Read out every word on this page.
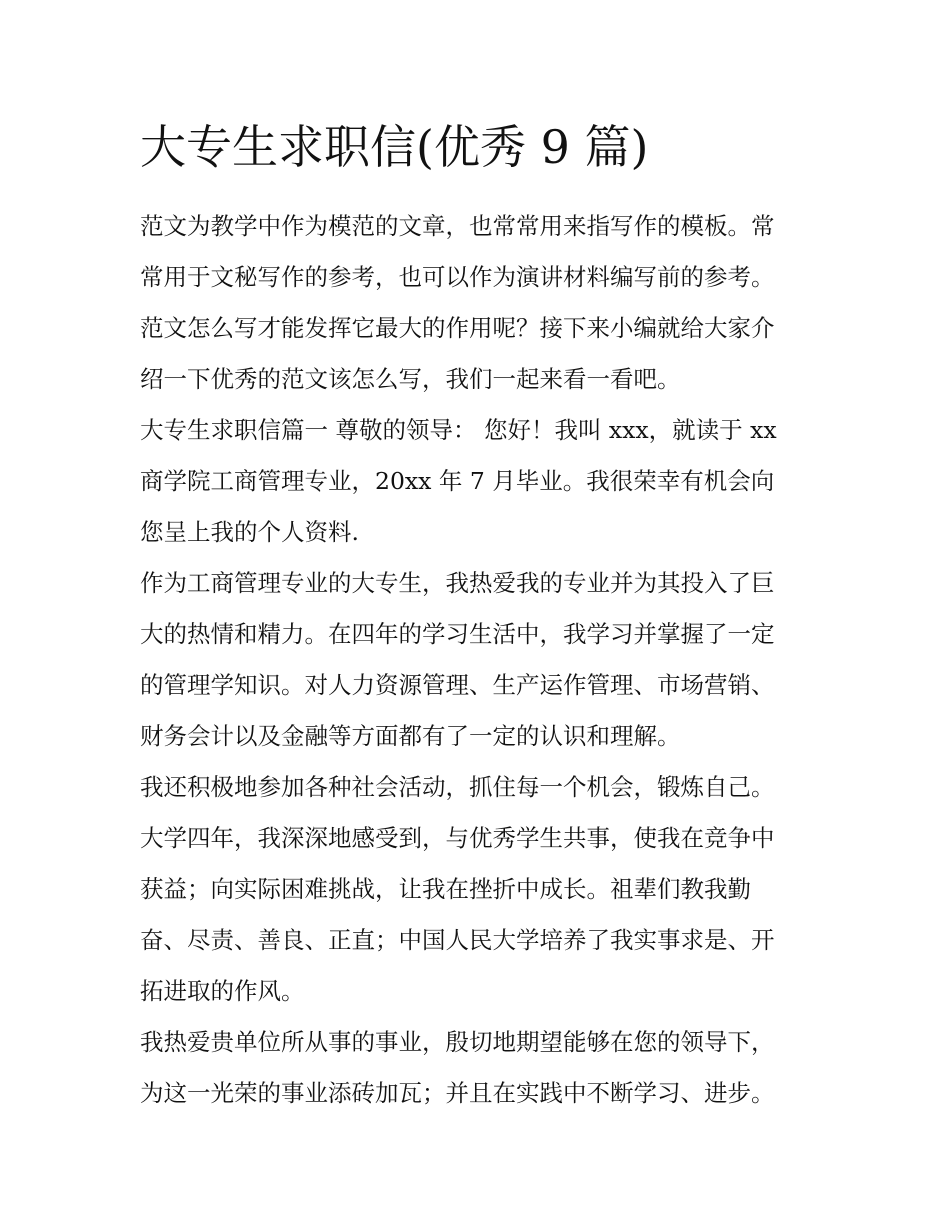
大专生求职信(优秀 9 篇)
范文为教学中作为模范的文章，也常常用来指写作的模板。常
常用于文秘写作的参考，也可以作为演讲材料编写前的参考。
范文怎么写才能发挥它最大的作用呢？接下来小编就给大家介
绍一下优秀的范文该怎么写，我们一起来看一看吧。
大专生求职信篇一 尊敬的领导： 您好！我叫 xxx，就读于 xx
商学院工商管理专业，20xx 年 7 月毕业。我很荣幸有机会向
您呈上我的个人资料.
作为工商管理专业的大专生，我热爱我的专业并为其投入了巨
大的热情和精力。在四年的学习生活中，我学习并掌握了一定
的管理学知识。对人力资源管理、生产运作管理、市场营销、
财务会计以及金融等方面都有了一定的认识和理解。
我还积极地参加各种社会活动，抓住每一个机会，锻炼自己。
大学四年，我深深地感受到，与优秀学生共事，使我在竞争中
获益；向实际困难挑战，让我在挫折中成长。祖辈们教我勤
奋、尽责、善良、正直；中国人民大学培养了我实事求是、开
拓进取的作风。
我热爱贵单位所从事的事业，殷切地期望能够在您的领导下，
为这一光荣的事业添砖加瓦；并且在实践中不断学习、进步。
